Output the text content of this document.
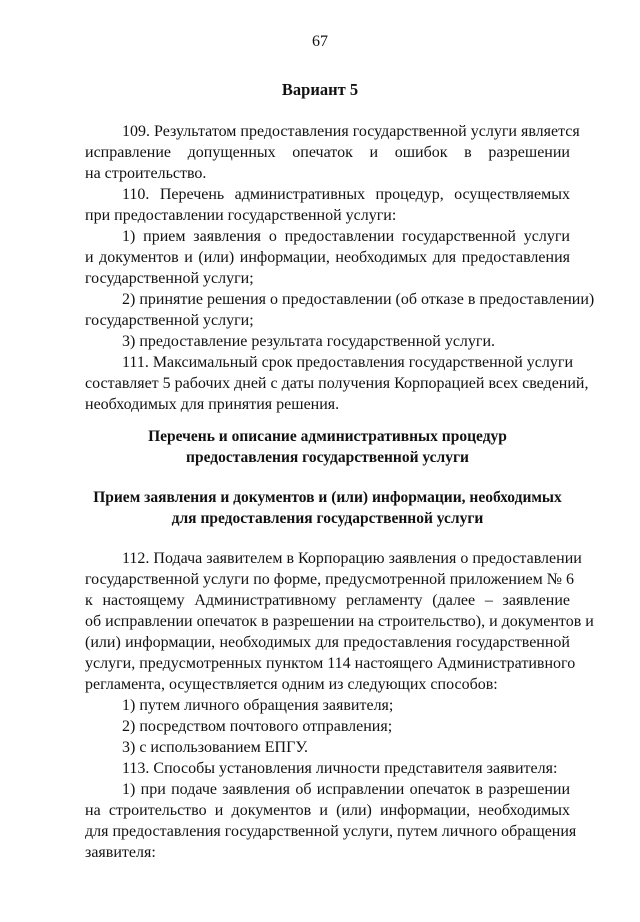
67
Вариант 5
109. Результатом предоставления государственной услуги является
исправление допущенных опечаток и ошибок в разрешении
на строительство.
110. Перечень административных процедур, осуществляемых
при предоставлении государственной услуги:
1) прием заявления о предоставлении государственной услуги
и документов и (или) информации, необходимых для предоставления
государственной услуги;
2) принятие решения о предоставлении (об отказе в предоставлении)
государственной услуги;
3) предоставление результата государственной услуги.
111. Максимальный срок предоставления государственной услуги
составляет 5 рабочих дней с даты получения Корпорацией всех сведений,
необходимых для принятия решения.
Перечень и описание административных процедур
предоставления государственной услуги
Прием заявления и документов и (или) информации, необходимых
для предоставления государственной услуги
112. Подача заявителем в Корпорацию заявления о предоставлении
государственной услуги по форме, предусмотренной приложением № 6
к настоящему Административному регламенту (далее – заявление
об исправлении опечаток в разрешении на строительство), и документов и
(или) информации, необходимых для предоставления государственной
услуги, предусмотренных пунктом 114 настоящего Административного
регламента, осуществляется одним из следующих способов:
1) путем личного обращения заявителя;
2) посредством почтового отправления;
3) с использованием ЕПГУ.
113. Способы установления личности представителя заявителя:
1) при подаче заявления об исправлении опечаток в разрешении
на строительство и документов и (или) информации, необходимых
для предоставления государственной услуги, путем личного обращения
заявителя:
